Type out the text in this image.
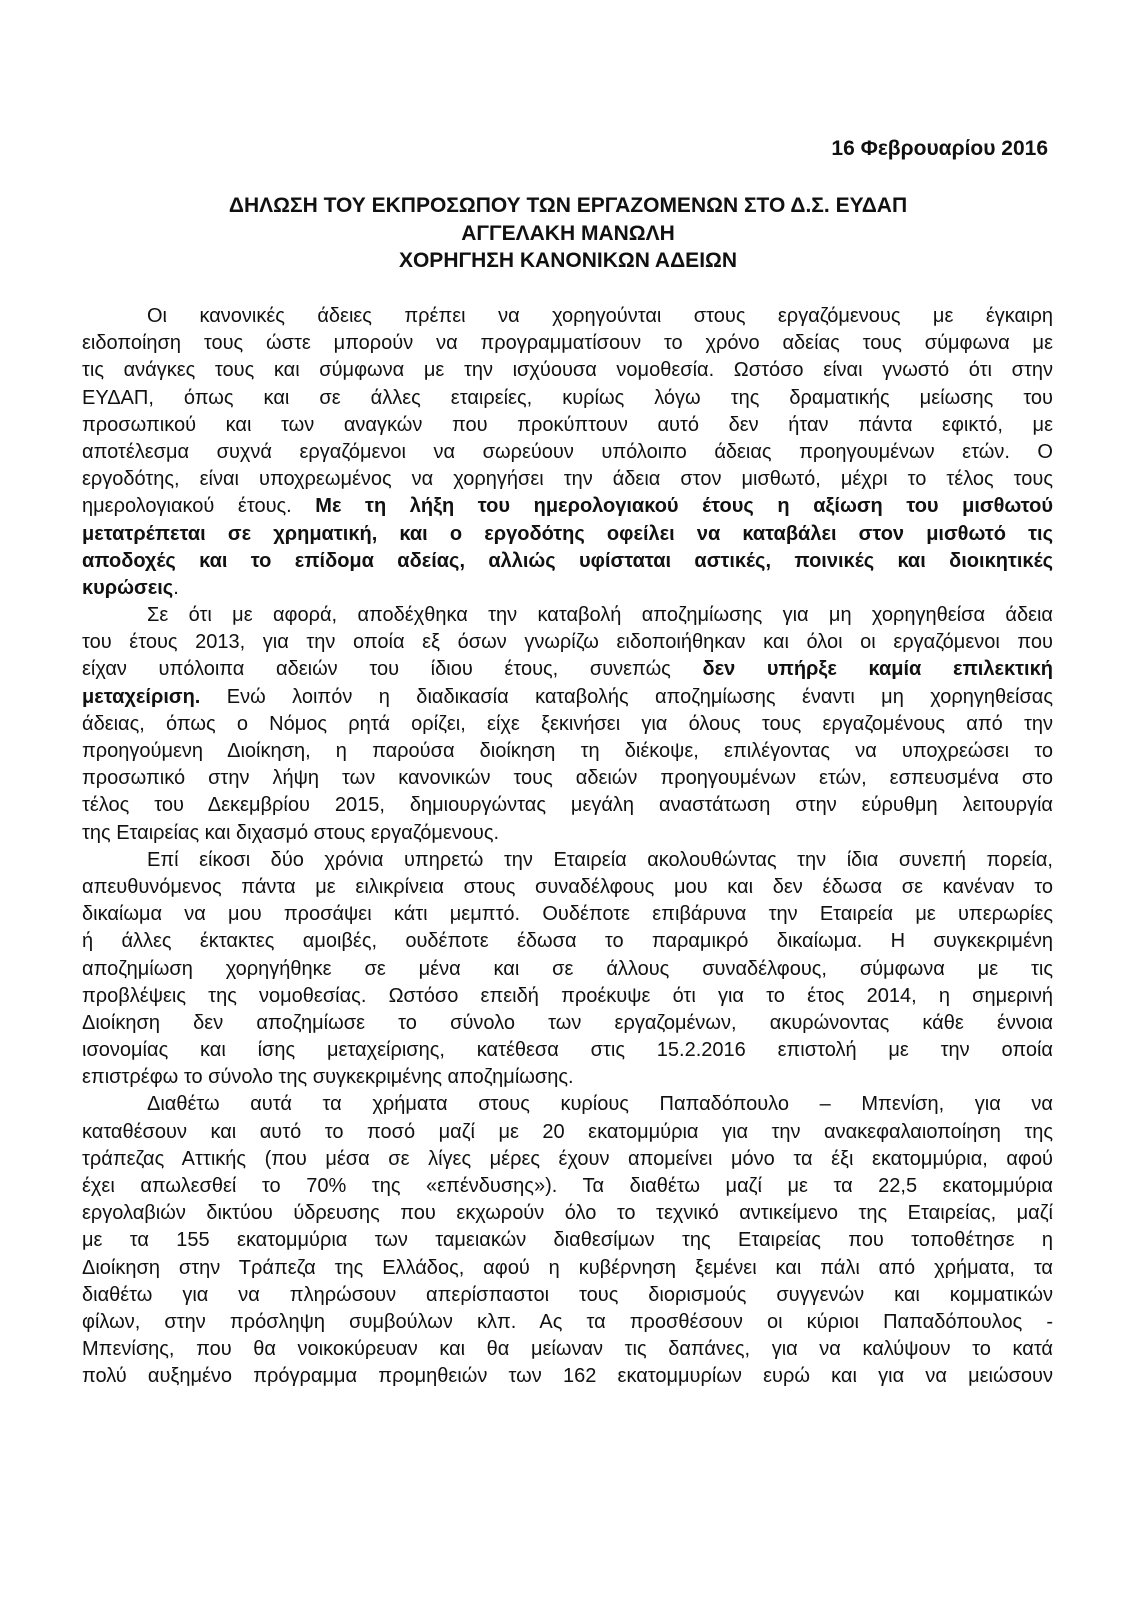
16 Φεβρουαρίου 2016
ΔΗΛΩΣΗ ΤΟΥ ΕΚΠΡΟΣΩΠΟΥ ΤΩΝ ΕΡΓΑΖΟΜΕΝΩΝ ΣΤΟ Δ.Σ. ΕΥΔΑΠ
ΑΓΓΕΛΑΚΗ ΜΑΝΩΛΗ
ΧΟΡΗΓΗΣΗ ΚΑΝΟΝΙΚΩΝ ΑΔΕΙΩΝ
Οι κανονικές άδειες πρέπει να χορηγούνται στους εργαζόμενους με έγκαιρη
ειδοποίηση τους ώστε μπορούν να προγραμματίσουν το χρόνο αδείας τους σύμφωνα με
τις ανάγκες τους και σύμφωνα με την ισχύουσα νομοθεσία. Ωστόσο είναι γνωστό ότι στην
ΕΥΔΑΠ, όπως και σε άλλες εταιρείες, κυρίως λόγω της δραματικής μείωσης του
προσωπικού και των αναγκών που προκύπτουν αυτό δεν ήταν πάντα εφικτό, με
αποτέλεσμα συχνά εργαζόμενοι να σωρεύουν υπόλοιπο άδειας προηγουμένων ετών. Ο
εργοδότης, είναι υποχρεωμένος να χορηγήσει την άδεια στον μισθωτό, μέχρι το τέλος τους
ημερολογιακού έτους. Με τη λήξη του ημερολογιακού έτους η αξίωση του μισθωτού
μετατρέπεται σε χρηματική, και ο εργοδότης οφείλει να καταβάλει στον μισθωτό τις
αποδοχές και το επίδομα αδείας, αλλιώς υφίσταται αστικές, ποινικές και διοικητικές
κυρώσεις.
Σε ότι με αφορά, αποδέχθηκα την καταβολή αποζημίωσης για μη χορηγηθείσα άδεια
του έτους 2013, για την οποία εξ όσων γνωρίζω ειδοποιήθηκαν και όλοι οι εργαζόμενοι που
είχαν υπόλοιπα αδειών του ίδιου έτους, συνεπώς δεν υπήρξε καμία επιλεκτική
μεταχείριση. Ενώ λοιπόν η διαδικασία καταβολής αποζημίωσης έναντι μη χορηγηθείσας
άδειας, όπως ο Νόμος ρητά ορίζει, είχε ξεκινήσει για όλους τους εργαζομένους από την
προηγούμενη Διοίκηση, η παρούσα διοίκηση τη διέκοψε, επιλέγοντας να υποχρεώσει το
προσωπικό στην λήψη των κανονικών τους αδειών προηγουμένων ετών, εσπευσμένα στο
τέλος του Δεκεμβρίου 2015, δημιουργώντας μεγάλη αναστάτωση στην εύρυθμη λειτουργία
της Εταιρείας και διχασμό στους εργαζόμενους.
Επί είκοσι δύο χρόνια υπηρετώ την Εταιρεία ακολουθώντας την ίδια συνεπή πορεία,
απευθυνόμενος πάντα με ειλικρίνεια στους συναδέλφους μου και δεν έδωσα σε κανέναν το
δικαίωμα να μου προσάψει κάτι μεμπτό. Ουδέποτε επιβάρυνα την Εταιρεία με υπερωρίες
ή άλλες έκτακτες αμοιβές, ουδέποτε έδωσα το παραμικρό δικαίωμα. Η συγκεκριμένη
αποζημίωση χορηγήθηκε σε μένα και σε άλλους συναδέλφους, σύμφωνα με τις
προβλέψεις της νομοθεσίας. Ωστόσο επειδή προέκυψε ότι για το έτος 2014, η σημερινή
Διοίκηση δεν αποζημίωσε το σύνολο των εργαζομένων, ακυρώνοντας κάθε έννοια
ισονομίας και ίσης μεταχείρισης, κατέθεσα στις 15.2.2016 επιστολή με την οποία
επιστρέφω το σύνολο της συγκεκριμένης αποζημίωσης.
Διαθέτω αυτά τα χρήματα στους κυρίους Παπαδόπουλο – Μπενίση, για να
καταθέσουν και αυτό το ποσό μαζί με 20 εκατομμύρια για την ανακεφαλαιοποίηση της
τράπεζας Αττικής (που μέσα σε λίγες μέρες έχουν απομείνει μόνο τα έξι εκατομμύρια, αφού
έχει απωλεσθεί το 70% της «επένδυσης»). Τα διαθέτω μαζί με τα 22,5 εκατομμύρια
εργολαβιών δικτύου ύδρευσης που εκχωρούν όλο το τεχνικό αντικείμενο της Εταιρείας, μαζί
με τα 155 εκατομμύρια των ταμειακών διαθεσίμων της Εταιρείας που τοποθέτησε η
Διοίκηση στην Τράπεζα της Ελλάδος, αφού η κυβέρνηση ξεμένει και πάλι από χρήματα, τα
διαθέτω για να πληρώσουν απερίσπαστοι τους διορισμούς συγγενών και κομματικών
φίλων, στην πρόσληψη συμβούλων κλπ. Ας τα προσθέσουν οι κύριοι Παπαδόπουλος -
Μπενίσης, που θα νοικοκύρευαν και θα μείωναν τις δαπάνες, για να καλύψουν το κατά
πολύ αυξημένο πρόγραμμα προμηθειών των 162 εκατομμυρίων ευρώ και για να μειώσουν
